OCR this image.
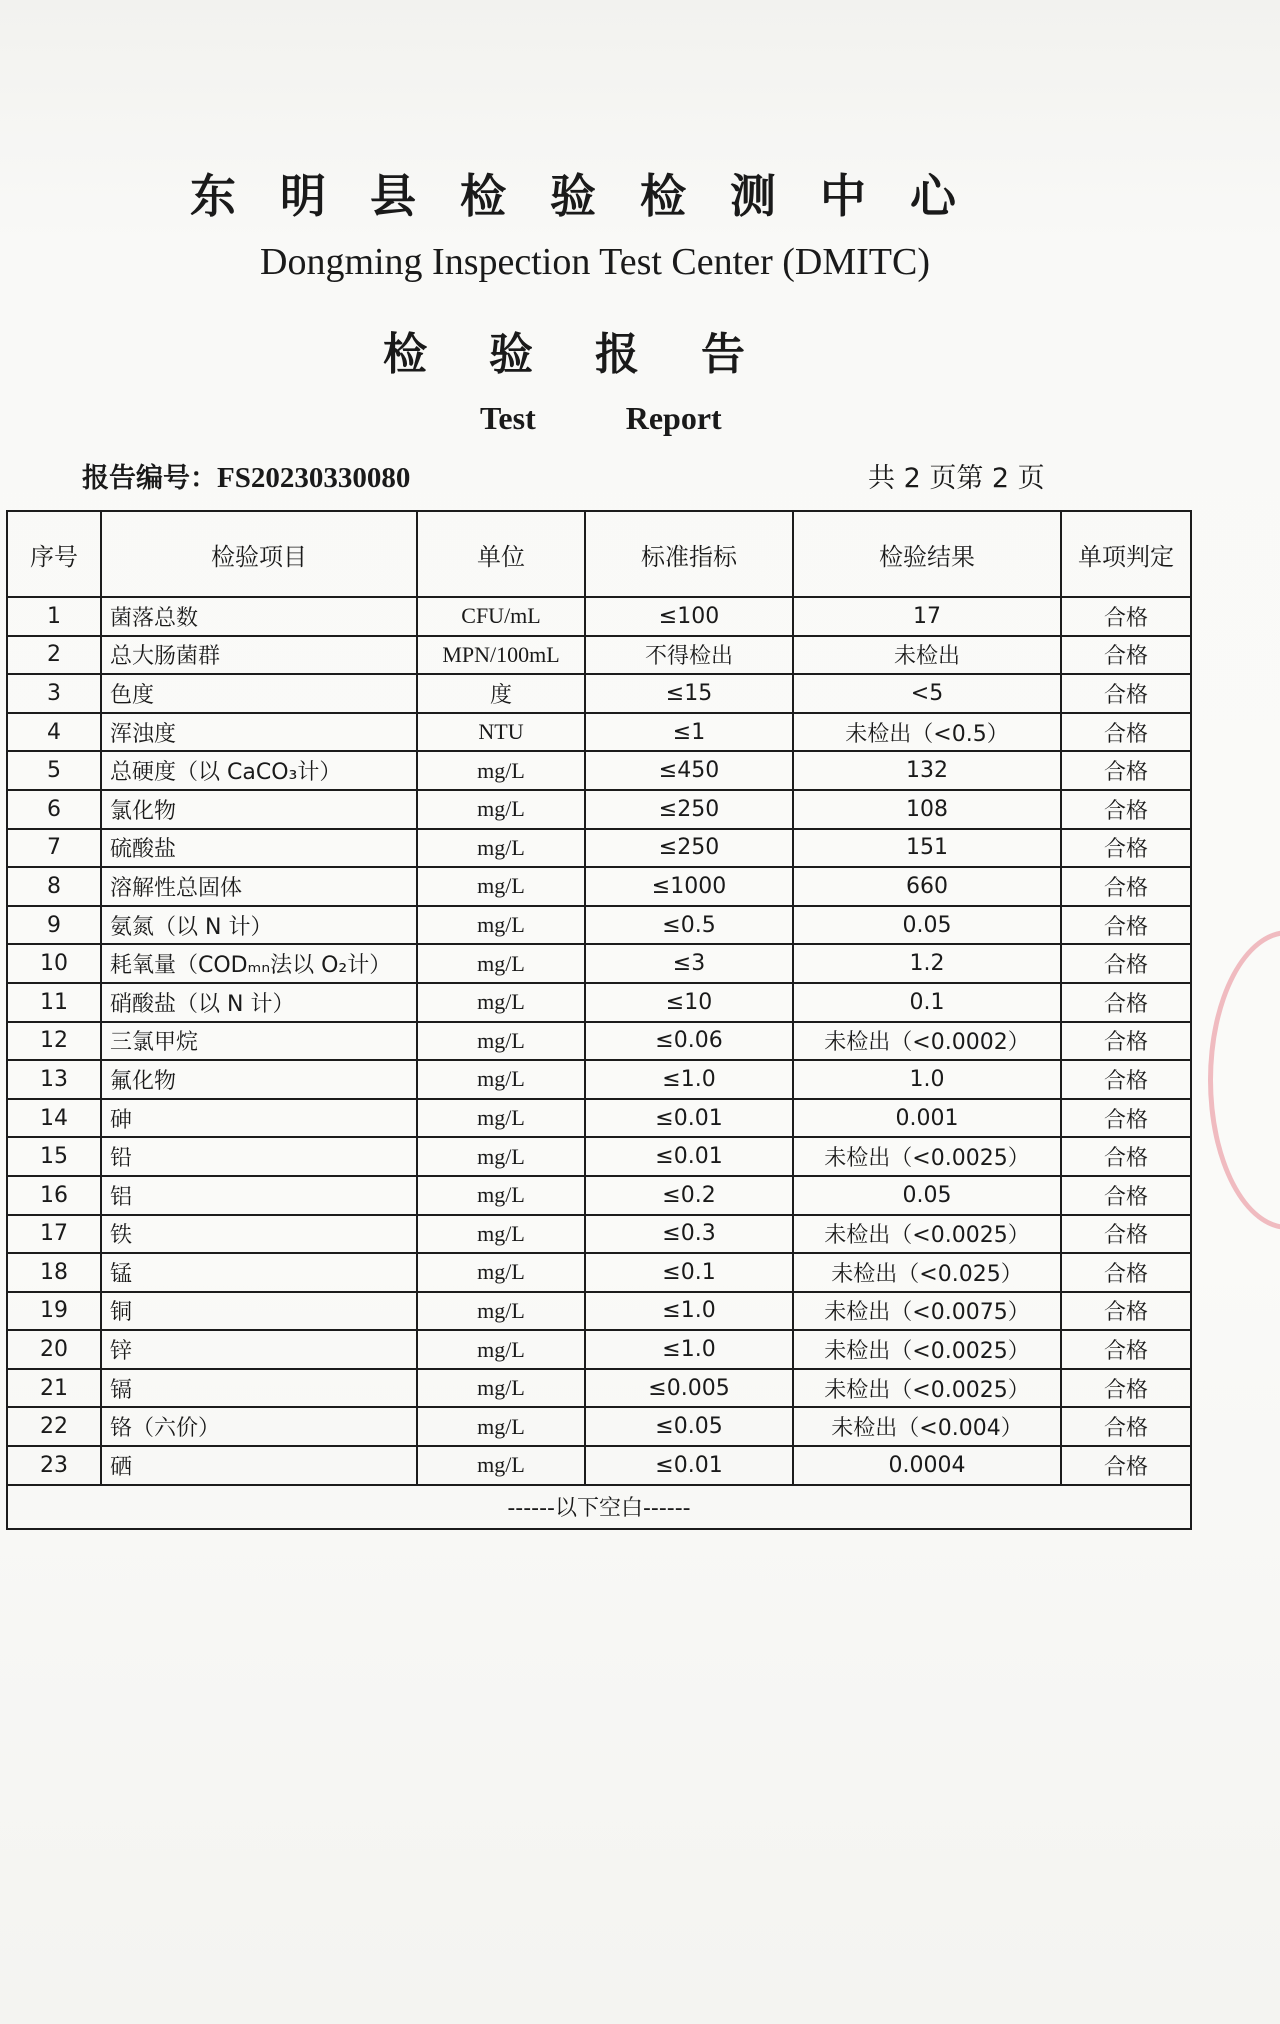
东明县检验检测中心
Dongming Inspection Test Center (DMITC)
检验报告
Test	Report
报告编号：FS20230330080	共 2 页第 2 页
序号	检验项目	单位	标准指标	检验结果	单项判定
1	菌落总数	CFU/mL	≤100	17	合格
2	总大肠菌群	MPN/100mL	不得检出	未检出	合格
3	色度	度	≤15	<5	合格
4	浑浊度	NTU	≤1	未检出（<0.5）	合格
5	总硬度（以 CaCO₃计）	mg/L	≤450	132	合格
6	氯化物	mg/L	≤250	108	合格
7	硫酸盐	mg/L	≤250	151	合格
8	溶解性总固体	mg/L	≤1000	660	合格
9	氨氮（以 N 计）	mg/L	≤0.5	0.05	合格
10	耗氧量（CODₘₙ法以 O₂计）	mg/L	≤3	1.2	合格
11	硝酸盐（以 N 计）	mg/L	≤10	0.1	合格
12	三氯甲烷	mg/L	≤0.06	未检出（<0.0002）	合格
13	氟化物	mg/L	≤1.0	1.0	合格
14	砷	mg/L	≤0.01	0.001	合格
15	铅	mg/L	≤0.01	未检出（<0.0025）	合格
16	铝	mg/L	≤0.2	0.05	合格
17	铁	mg/L	≤0.3	未检出（<0.0025）	合格
18	锰	mg/L	≤0.1	未检出（<0.025）	合格
19	铜	mg/L	≤1.0	未检出（<0.0075）	合格
20	锌	mg/L	≤1.0	未检出（<0.0025）	合格
21	镉	mg/L	≤0.005	未检出（<0.0025）	合格
22	铬（六价）	mg/L	≤0.05	未检出（<0.004）	合格
23	硒	mg/L	≤0.01	0.0004	合格
------以下空白------					
